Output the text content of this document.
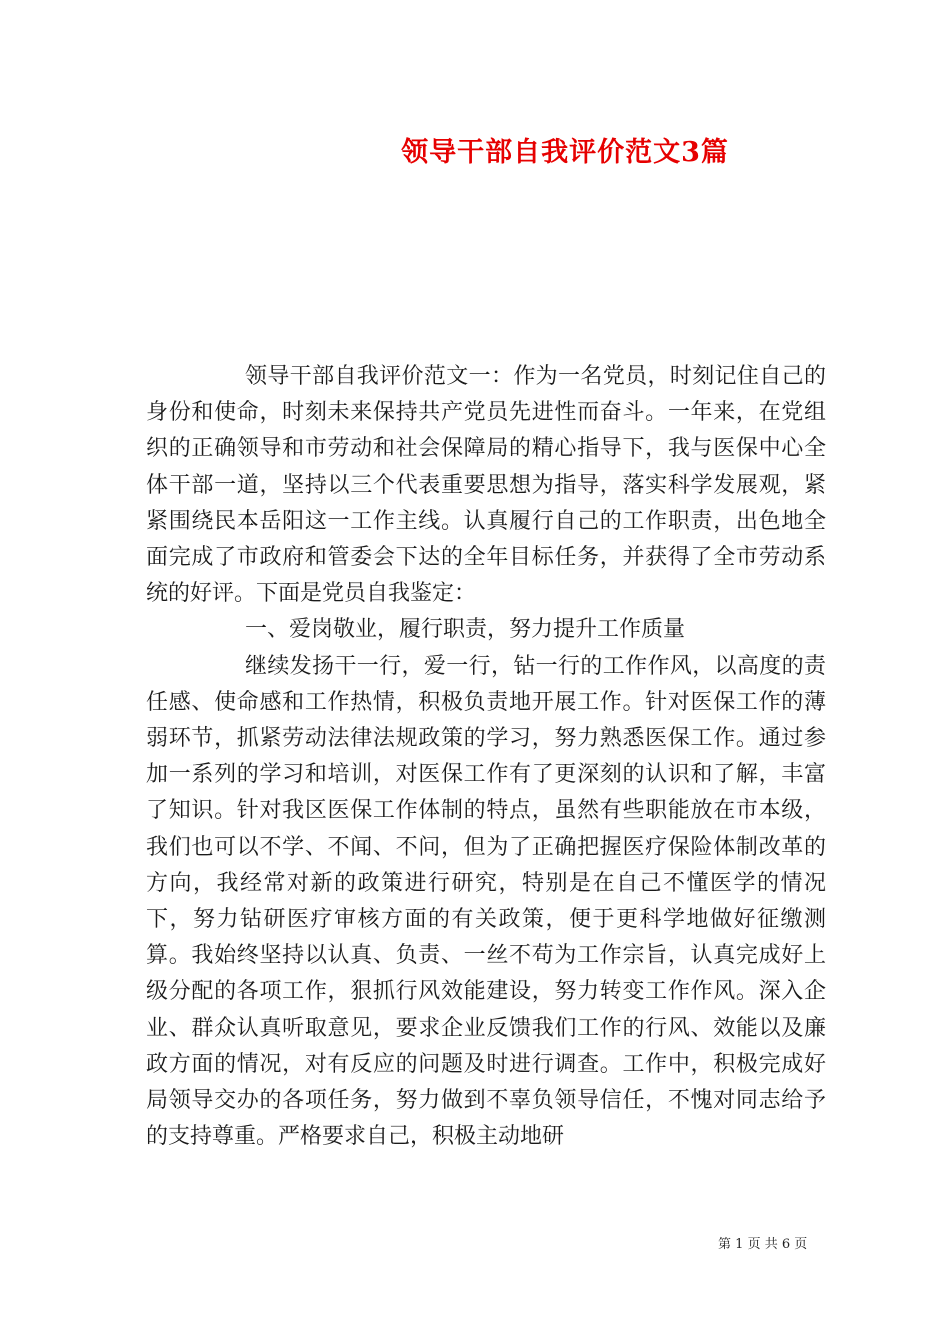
领导干部自我评价范文3篇

领导干部自我评价范文一：作为一名党员，时刻记住自己的身份和使命，时刻未来保持共产党员先进性而奋斗。一年来，在党组织的正确领导和市劳动和社会保障局的精心指导下，我与医保中心全体干部一道，坚持以三个代表重要思想为指导，落实科学发展观，紧紧围绕民本岳阳这一工作主线。认真履行自己的工作职责，出色地全面完成了市政府和管委会下达的全年目标任务，并获得了全市劳动系统的好评。下面是党员自我鉴定：

一、爱岗敬业，履行职责，努力提升工作质量

继续发扬干一行，爱一行，钻一行的工作作风，以高度的责任感、使命感和工作热情，积极负责地开展工作。针对医保工作的薄弱环节，抓紧劳动法律法规政策的学习，努力熟悉医保工作。通过参加一系列的学习和培训，对医保工作有了更深刻的认识和了解，丰富了知识。针对我区医保工作体制的特点，虽然有些职能放在市本级，我们也可以不学、不闻、不问，但为了正确把握医疗保险体制改革的方向，我经常对新的政策进行研究，特别是在自己不懂医学的情况下，努力钻研医疗审核方面的有关政策，便于更科学地做好征缴测算。我始终坚持以认真、负责、一丝不苟为工作宗旨，认真完成好上级分配的各项工作，狠抓行风效能建设，努力转变工作作风。深入企业、群众认真听取意见，要求企业反馈我们工作的行风、效能以及廉政方面的情况，对有反应的问题及时进行调查。工作中，积极完成好局领导交办的各项任务，努力做到不辜负领导信任，不愧对同志给予的支持尊重。严格要求自己，积极主动地研

第 1 页 共 6 页
